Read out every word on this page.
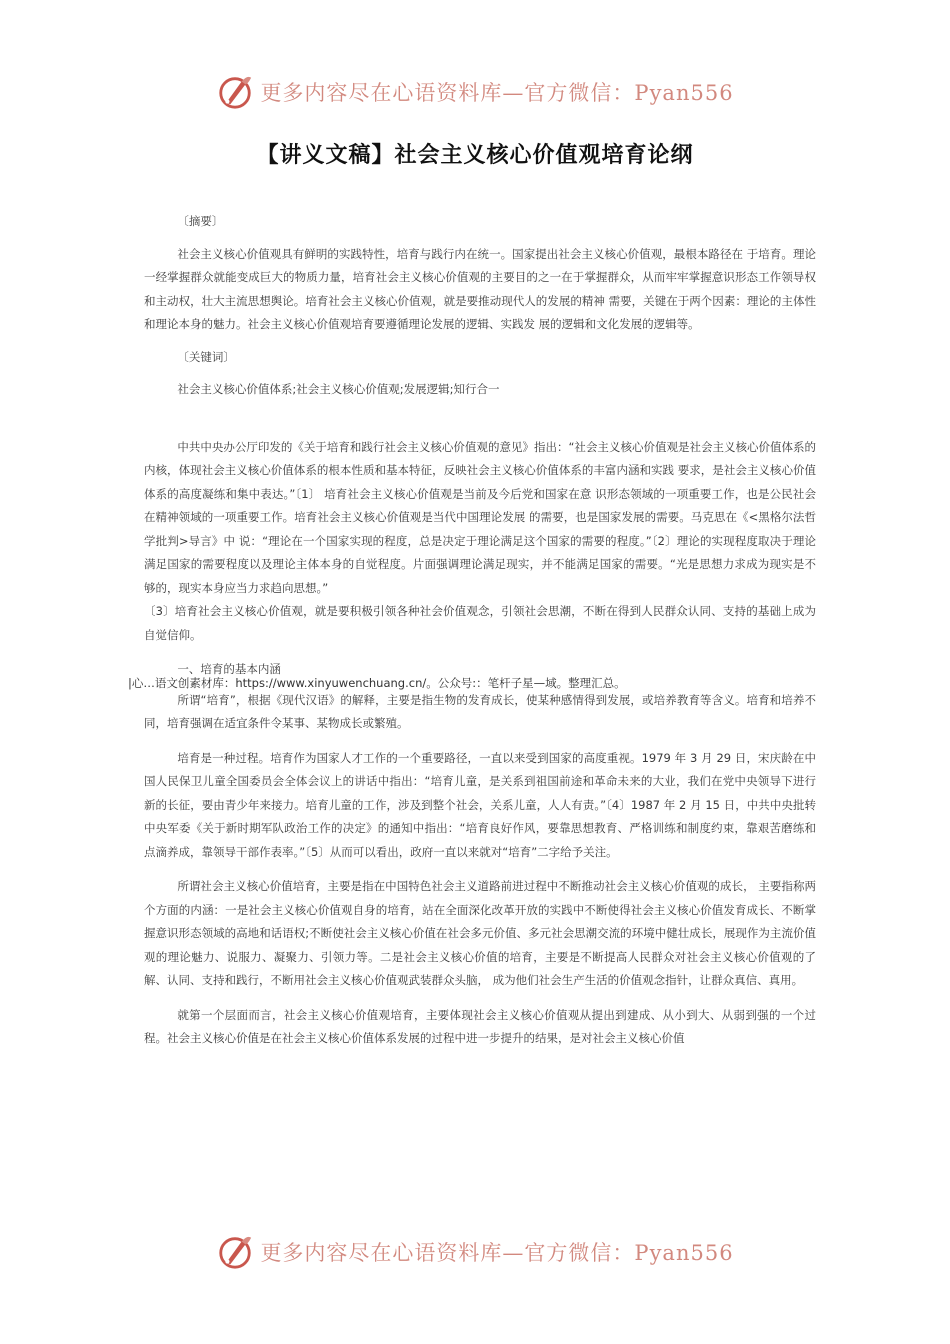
更多内容尽在心语资料库—官方微信：Pyan556
【讲义文稿】社会主义核心价值观培育论纲

〔摘要〕

社会主义核心价值观具有鲜明的实践特性，培育与践行内在统一。国家提出社会主义核心价值观，最根本路径在 于培育。理论一经掌握群众就能变成巨大的物质力量，培育社会主义核心价值观的主要目的之一在于掌握群众，从而牢牢掌握意识形态工作领导权和主动权，壮大主流思想舆论。培育社会主义核心价值观，就是要推动现代人的发展的精神 需要，关键在于两个因素：理论的主体性和理论本身的魅力。社会主义核心价值观培育要遵循理论发展的逻辑、实践发 展的逻辑和文化发展的逻辑等。

〔关键词〕

社会主义核心价值体系;社会主义核心价值观;发展逻辑;知行合一

中共中央办公厅印发的《关于培育和践行社会主义核心价值观的意见》指出：“社会主义核心价值观是社会主义核心价值体系的内核，体现社会主义核心价值体系的根本性质和基本特征，反映社会主义核心价值体系的丰富内涵和实践 要求，是社会主义核心价值体系的高度凝练和集中表达。”〔1〕 培育社会主义核心价值观是当前及今后党和国家在意 识形态领域的一项重要工作，也是公民社会在精神领域的一项重要工作。培育社会主义核心价值观是当代中国理论发展 的需要，也是国家发展的需要。马克思在《<黑格尔法哲学批判>导言》中 说：“理论在一个国家实现的程度，总是决定于理论满足这个国家的需要的程度。”〔2〕理论的实现程度取决于理论满足国家的需要程度以及理论主体本身的自觉程度。片面强调理论满足现实，并不能满足国家的需要。“光是思想力求成为现实是不够的，现实本身应当力求趋向思想。”

〔3〕培育社会主义核心价值观，就是要积极引领各种社会价值观念，引领社会思潮，不断在得到人民群众认同、支持的基础上成为自觉信仰。

一、培育的基本内涵

|心…语文创素材库：https://www.xinyuwenchuang.cn/。公众号:：笔杆子星—域。整理汇总。

所谓“培育”，根据《现代汉语》的解释，主要是指生物的发育成长，使某种感情得到发展，或培养教育等含义。培育和培养不同，培育强调在适宜条件令某事、某物成长或繁殖。

培育是一种过程。培育作为国家人才工作的一个重要路径，一直以来受到国家的高度重视。1979 年 3 月 29 日，宋庆龄在中国人民保卫儿童全国委员会全体会议上的讲话中指出：“培育儿童，是关系到祖国前途和革命未来的大业，我们在党中央领导下进行新的长征，要由青少年来接力。培育儿童的工作，涉及到整个社会，关系儿童，人人有责。”〔4〕1987 年 2 月 15 日，中共中央批转中央军委《关于新时期军队政治工作的决定》的通知中指出：“培育良好作风，要靠思想教育、严格训练和制度约束，靠艰苦磨练和点滴养成，靠领导干部作表率。”〔5〕从而可以看出，政府一直以来就对“培育”二字给予关注。

所谓社会主义核心价值培育，主要是指在中国特色社会主义道路前进过程中不断推动社会主义核心价值观的成长， 主要指称两个方面的内涵：一是社会主义核心价值观自身的培育，站在全面深化改革开放的实践中不断使得社会主义核心价值发育成长、不断掌握意识形态领域的高地和话语权;不断使社会主义核心价值在社会多元价值、多元社会思潮交流的环境中健壮成长，展现作为主流价值观的理论魅力、说服力、凝聚力、引领力等。二是社会主义核心价值的培育，主要是不断提高人民群众对社会主义核心价值观的了解、认同、支持和践行，不断用社会主义核心价值观武装群众头脑， 成为他们社会生产生活的价值观念指针，让群众真信、真用。

就第一个层面而言，社会主义核心价值观培育，主要体现社会主义核心价值观从提出到建成、从小到大、从弱到强的一个过程。社会主义核心价值是在社会主义核心价值体系发展的过程中进一步提升的结果，是对社会主义核心价值

更多内容尽在心语资料库—官方微信：Pyan556
